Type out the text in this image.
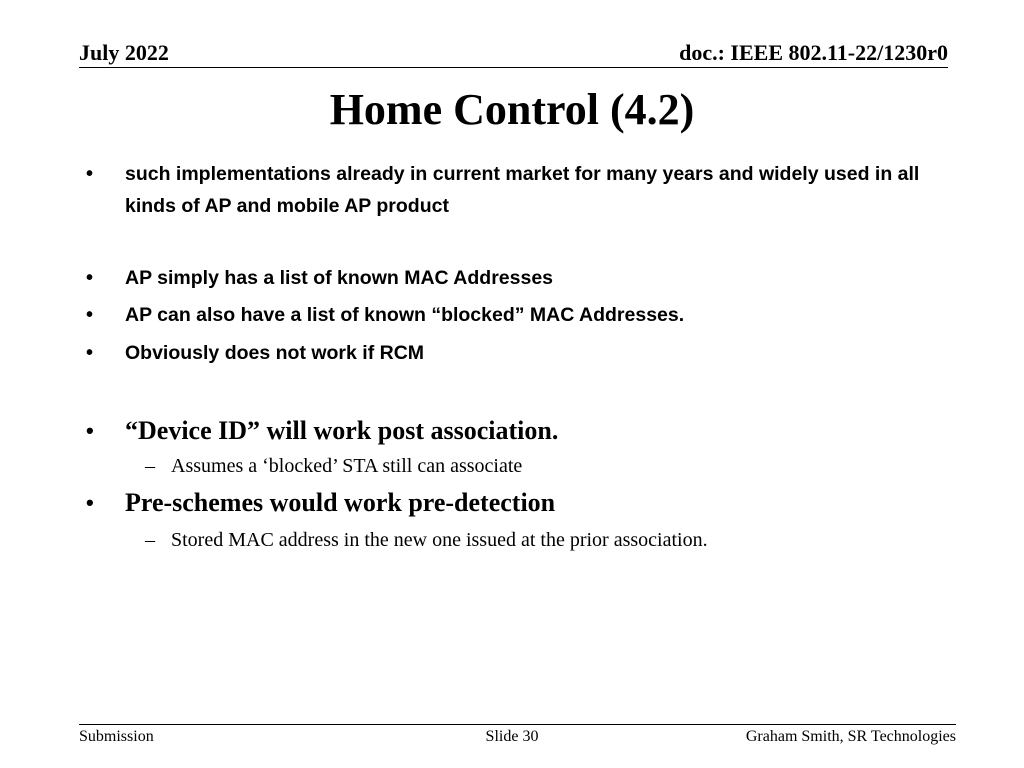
July 2022	doc.: IEEE 802.11-22/1230r0
Home Control (4.2)
• such implementations already in current market for many years and widely used in all kinds of AP and mobile AP product
• AP simply has a list of known MAC Addresses
• AP can also have a list of known “blocked” MAC Addresses.
• Obviously does not work if RCM
• “Device ID” will work post association.
– Assumes a ‘blocked’ STA still can associate
• Pre-schemes would work pre-detection
– Stored MAC address in the new one issued at the prior association.
Submission	Slide 30	Graham Smith, SR Technologies
